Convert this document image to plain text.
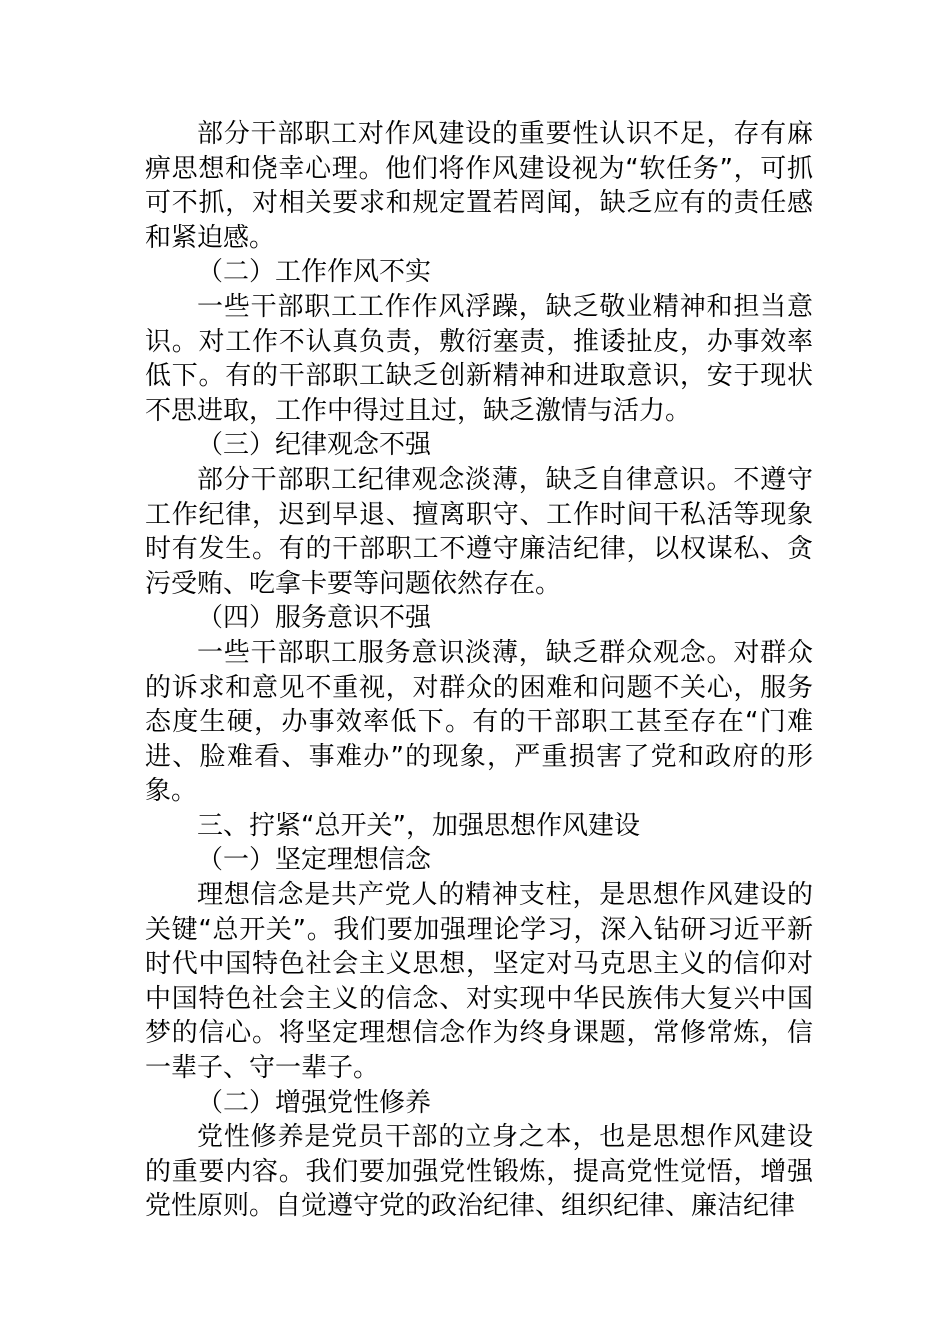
部分干部职工对作风建设的重要性认识不足，存有麻痹思想和侥幸心理。他们将作风建设视为“软任务”，可抓可不抓，对相关要求和规定置若罔闻，缺乏应有的责任感和紧迫感。

（二）工作作风不实

一些干部职工工作作风浮躁，缺乏敬业精神和担当意识。对工作不认真负责，敷衍塞责，推诿扯皮，办事效率低下。有的干部职工缺乏创新精神和进取意识，安于现状不思进取，工作中得过且过，缺乏激情与活力。

（三）纪律观念不强

部分干部职工纪律观念淡薄，缺乏自律意识。不遵守工作纪律，迟到早退、擅离职守、工作时间干私活等现象时有发生。有的干部职工不遵守廉洁纪律，以权谋私、贪污受贿、吃拿卡要等问题依然存在。

（四）服务意识不强

一些干部职工服务意识淡薄，缺乏群众观念。对群众的诉求和意见不重视，对群众的困难和问题不关心，服务态度生硬，办事效率低下。有的干部职工甚至存在“门难进、脸难看、事难办”的现象，严重损害了党和政府的形象。

三、拧紧“总开关”，加强思想作风建设

（一）坚定理想信念

理想信念是共产党人的精神支柱，是思想作风建设的关键“总开关”。我们要加强理论学习，深入钻研习近平新时代中国特色社会主义思想，坚定对马克思主义的信仰对中国特色社会主义的信念、对实现中华民族伟大复兴中国梦的信心。将坚定理想信念作为终身课题，常修常炼，信一辈子、守一辈子。

（二）增强党性修养

党性修养是党员干部的立身之本，也是思想作风建设的重要内容。我们要加强党性锻炼，提高党性觉悟，增强党性原则。自觉遵守党的政治纪律、组织纪律、廉洁纪律
